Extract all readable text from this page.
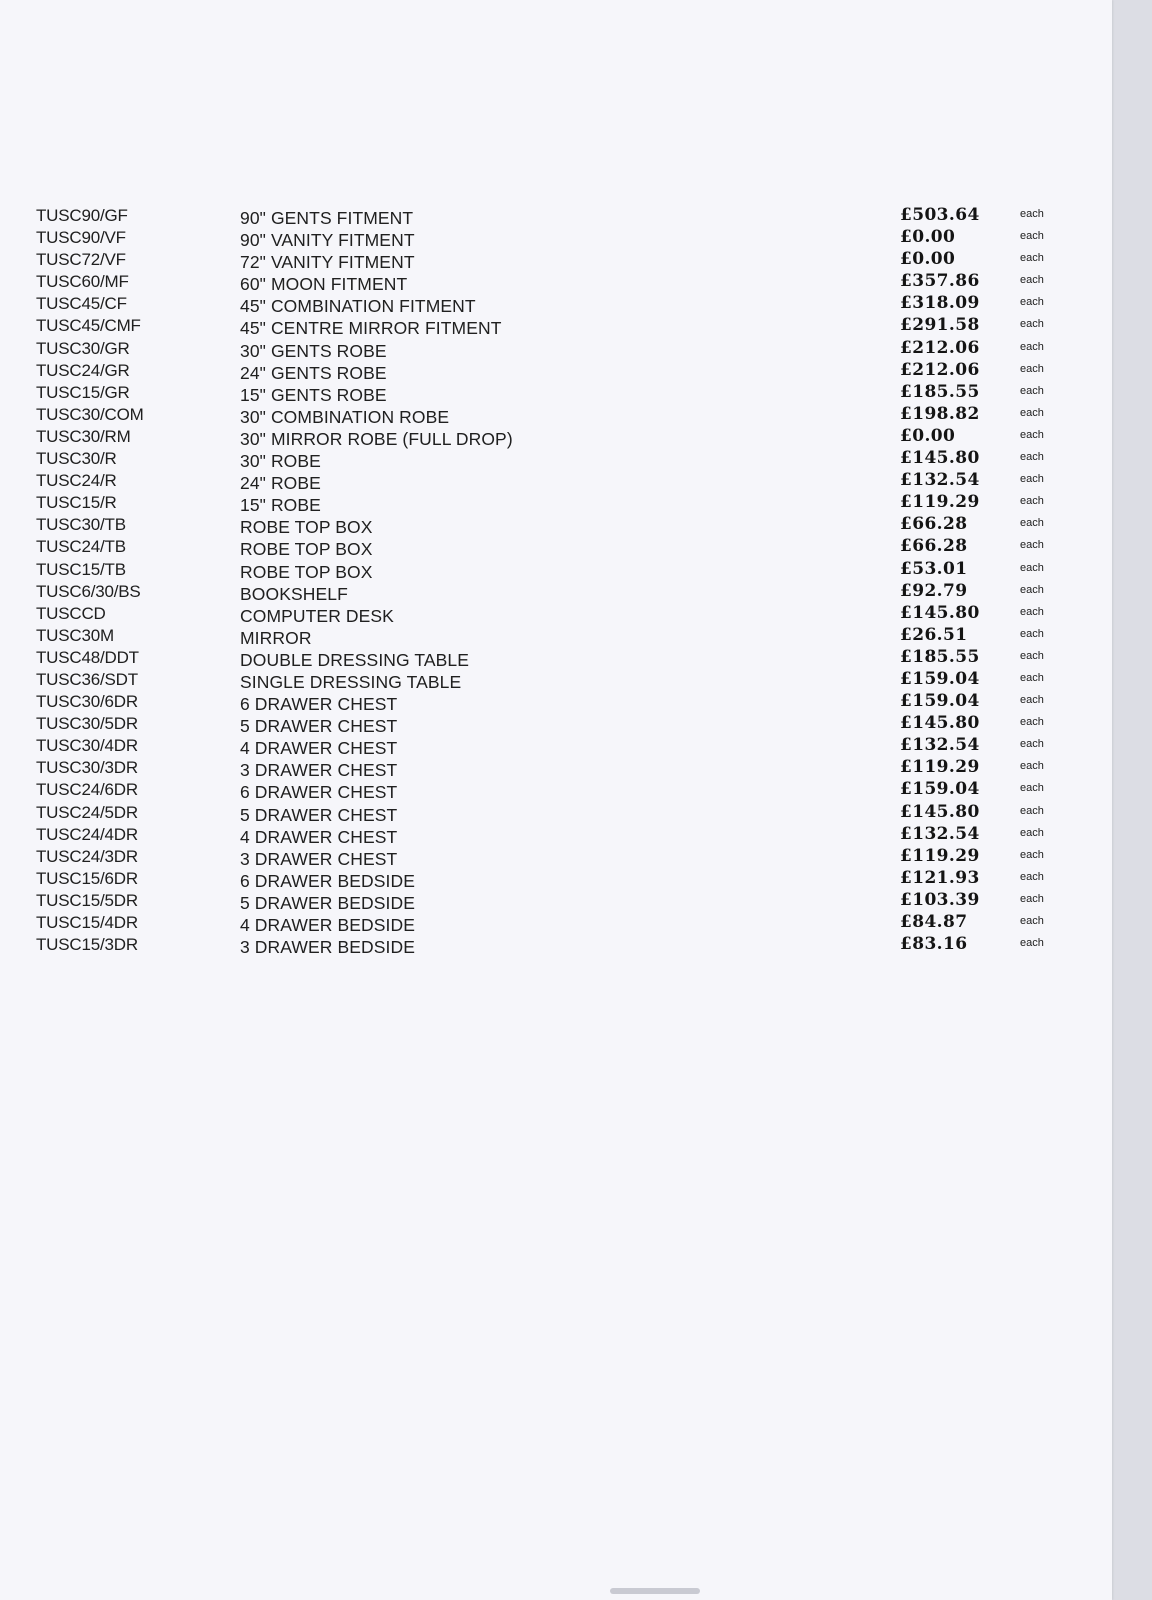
TUSC90/GF	90" GENTS FITMENT	£503.64	each
TUSC90/VF	90" VANITY FITMENT	£0.00	each
TUSC72/VF	72" VANITY FITMENT	£0.00	each
TUSC60/MF	60" MOON FITMENT	£357.86	each
TUSC45/CF	45" COMBINATION FITMENT	£318.09	each
TUSC45/CMF	45" CENTRE MIRROR FITMENT	£291.58	each
TUSC30/GR	30" GENTS ROBE	£212.06	each
TUSC24/GR	24" GENTS ROBE	£212.06	each
TUSC15/GR	15" GENTS ROBE	£185.55	each
TUSC30/COM	30" COMBINATION ROBE	£198.82	each
TUSC30/RM	30" MIRROR ROBE (FULL DROP)	£0.00	each
TUSC30/R	30" ROBE	£145.80	each
TUSC24/R	24" ROBE	£132.54	each
TUSC15/R	15" ROBE	£119.29	each
TUSC30/TB	ROBE TOP BOX	£66.28	each
TUSC24/TB	ROBE TOP BOX	£66.28	each
TUSC15/TB	ROBE TOP BOX	£53.01	each
TUSC6/30/BS	BOOKSHELF	£92.79	each
TUSCCD	COMPUTER DESK	£145.80	each
TUSC30M	MIRROR	£26.51	each
TUSC48/DDT	DOUBLE DRESSING TABLE	£185.55	each
TUSC36/SDT	SINGLE DRESSING TABLE	£159.04	each
TUSC30/6DR	6 DRAWER CHEST	£159.04	each
TUSC30/5DR	5 DRAWER CHEST	£145.80	each
TUSC30/4DR	4 DRAWER CHEST	£132.54	each
TUSC30/3DR	3 DRAWER CHEST	£119.29	each
TUSC24/6DR	6 DRAWER CHEST	£159.04	each
TUSC24/5DR	5 DRAWER CHEST	£145.80	each
TUSC24/4DR	4 DRAWER CHEST	£132.54	each
TUSC24/3DR	3 DRAWER CHEST	£119.29	each
TUSC15/6DR	6 DRAWER BEDSIDE	£121.93	each
TUSC15/5DR	5 DRAWER BEDSIDE	£103.39	each
TUSC15/4DR	4 DRAWER BEDSIDE	£84.87	each
TUSC15/3DR	3 DRAWER BEDSIDE	£83.16	each
